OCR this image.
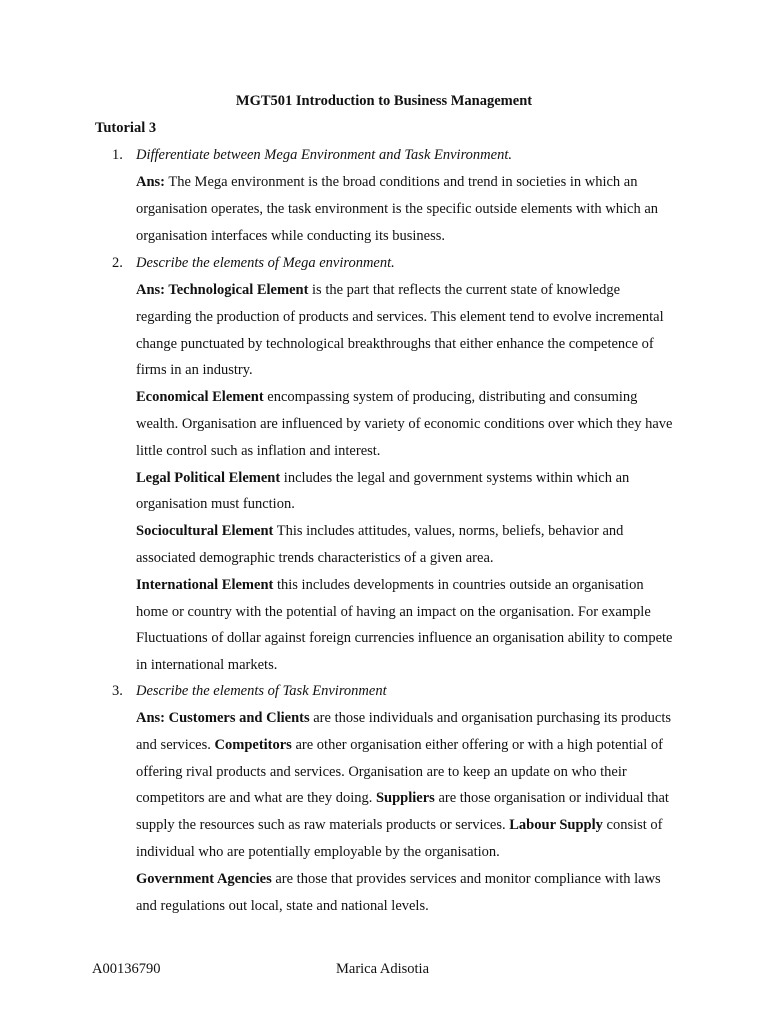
MGT501 Introduction to Business Management
Tutorial 3
1. Differentiate between Mega Environment and Task Environment.

Ans: The Mega environment is the broad conditions and trend in societies in which an organisation operates, the task environment is the specific outside elements with which an organisation interfaces while conducting its business.

2. Describe the elements of Mega environment.

Ans: Technological Element is the part that reflects the current state of knowledge regarding the production of products and services. This element tend to evolve incremental change punctuated by technological breakthroughs that either enhance the competence of firms in an industry.

Economical Element encompassing system of producing, distributing and consuming wealth. Organisation are influenced by variety of economic conditions over which they have little control such as inflation and interest.

Legal Political Element includes the legal and government systems within which an organisation must function.

Sociocultural Element This includes attitudes, values, norms, beliefs, behavior and associated demographic trends characteristics of a given area.

International Element this includes developments in countries outside an organisation home or country with the potential of having an impact on the organisation. For example Fluctuations of dollar against foreign currencies influence an organisation ability to compete in international markets.

3. Describe the elements of Task Environment

Ans: Customers and Clients are those individuals and organisation purchasing its products and services. Competitors are other organisation either offering or with a high potential of offering rival products and services. Organisation are to keep an update on who their competitors are and what are they doing. Suppliers are those organisation or individual that supply the resources such as raw materials products or services. Labour Supply consist of individual who are potentially employable by the organisation.

Government Agencies are those that provides services and monitor compliance with laws and regulations out local, state and national levels.

A00136790	Marica Adisotia
